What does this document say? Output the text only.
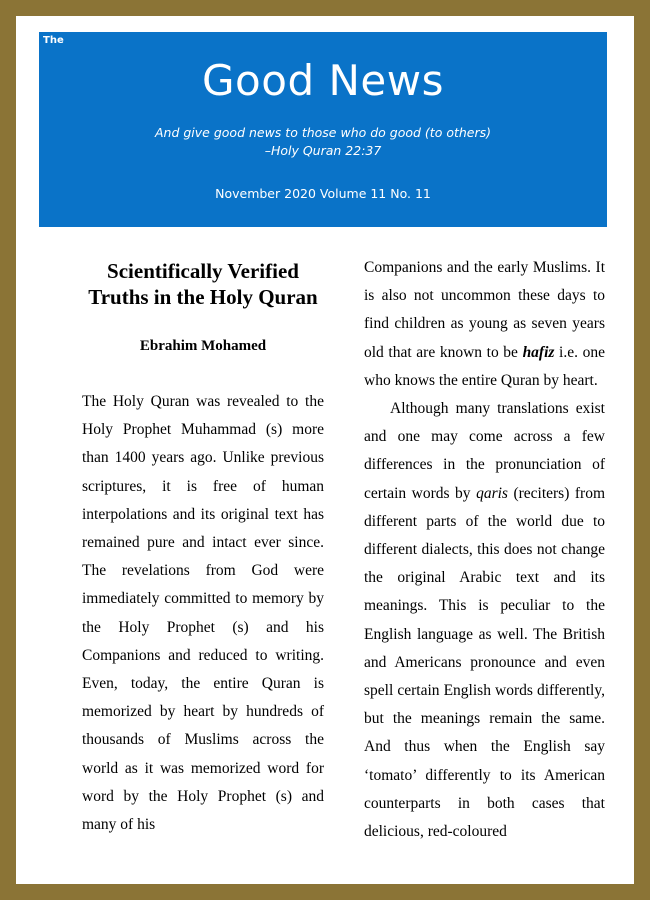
The
Good News
And give good news to those who do good (to others)
–Holy Quran 22:37
November 2020 Volume 11 No. 11
Scientifically Verified Truths in the Holy Quran
Ebrahim Mohamed

The Holy Quran was revealed to the Holy Prophet Muhammad (s) more than 1400 years ago. Unlike previous scriptures, it is free of human interpolations and its original text has remained pure and intact ever since. The revelations from God were immediately committed to memory by the Holy Prophet (s) and his Companions and reduced to writing. Even, today, the entire Quran is memorized by heart by hundreds of thousands of Muslims across the world as it was memorized word for word by the Holy Prophet (s) and many of his

Companions and the early Muslims. It is also not uncommon these days to find children as young as seven years old that are known to be hafiz i.e. one who knows the entire Quran by heart.

Although many translations exist and one may come across a few differences in the pronunciation of certain words by qaris (reciters) from different parts of the world due to different dialects, this does not change the original Arabic text and its meanings. This is peculiar to the English language as well. The British and Americans pronounce and even spell certain English words differently, but the meanings remain the same. And thus when the English say ‘tomato’ differently to its American counterparts in both cases that delicious, red-coloured
